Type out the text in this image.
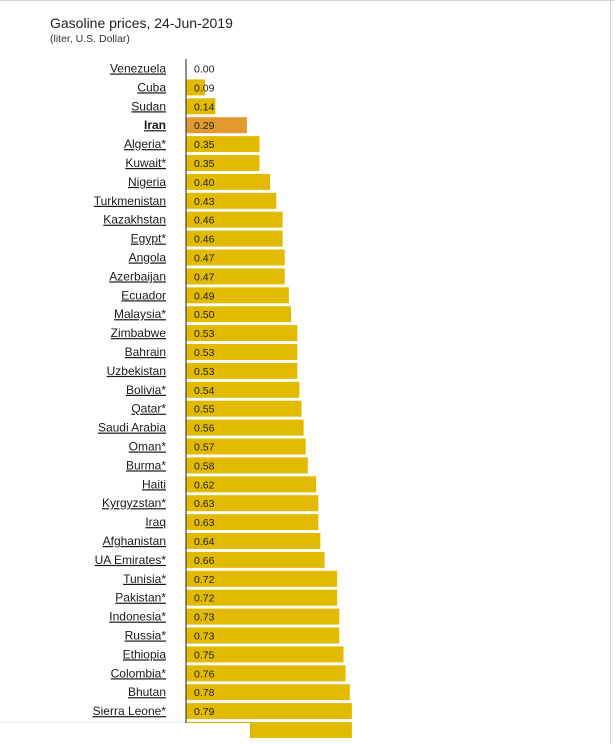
Gasoline prices, 24-Jun-2019
(liter, U.S. Dollar)
Venezuela	0.00
Cuba	0.09
Sudan	0.14
Iran	0.29
Algeria*	0.35
Kuwait*	0.35
Nigeria	0.40
Turkmenistan	0.43
Kazakhstan	0.46
Egypt*	0.46
Angola	0.47
Azerbaijan	0.47
Ecuador	0.49
Malaysia*	0.50
Zimbabwe	0.53
Bahrain	0.53
Uzbekistan	0.53
Bolivia*	0.54
Qatar*	0.55
Saudi Arabia	0.56
Oman*	0.57
Burma*	0.58
Haiti	0.62
Kyrgyzstan*	0.63
Iraq	0.63
Afghanistan	0.64
UA Emirates*	0.66
Tunisia*	0.72
Pakistan*	0.72
Indonesia*	0.73
Russia*	0.73
Ethiopia	0.75
Colombia*	0.76
Bhutan	0.78
Sierra Leone*	0.79
